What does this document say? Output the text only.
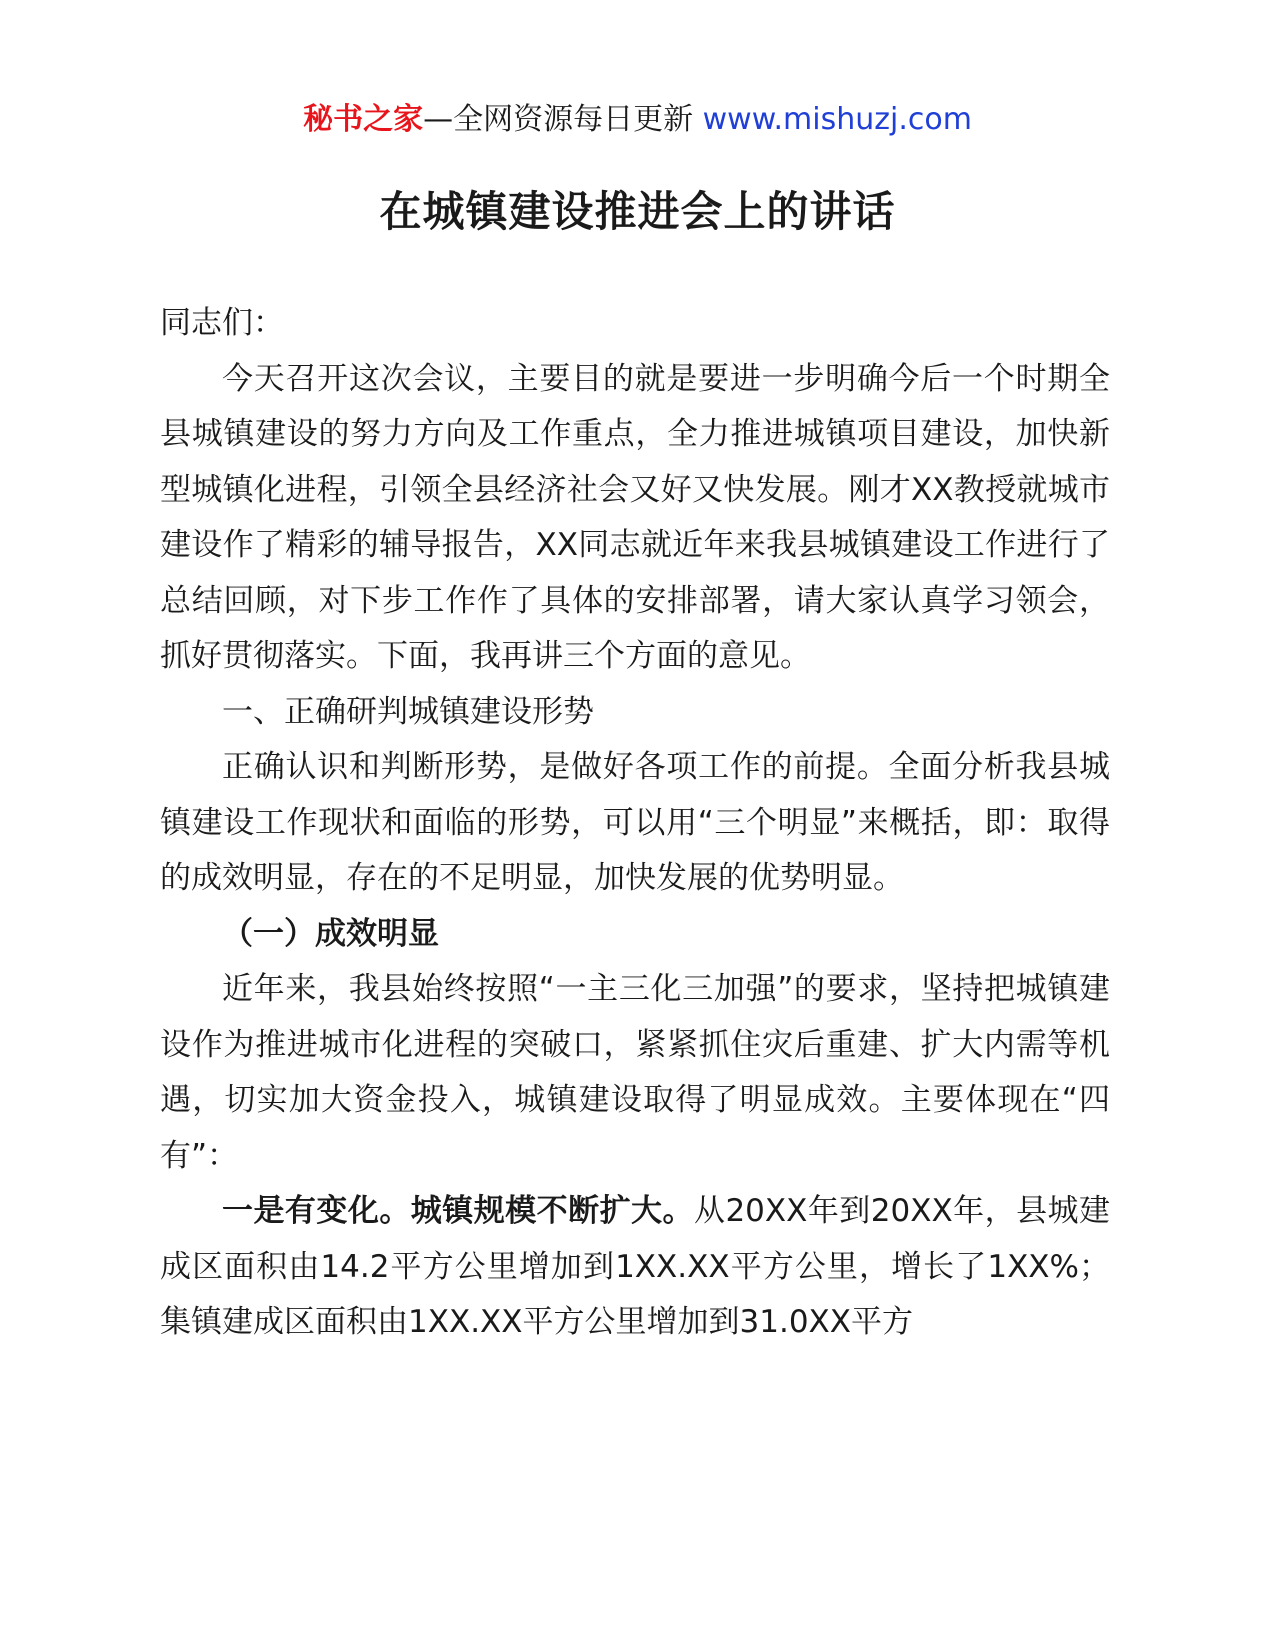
秘书之家—全网资源每日更新 www.mishuzj.com
在城镇建设推进会上的讲话

同志们：

今天召开这次会议，主要目的就是要进一步明确今后一个时期全县城镇建设的努力方向及工作重点，全力推进城镇项目建设，加快新型城镇化进程，引领全县经济社会又好又快发展。刚才XX教授就城市建设作了精彩的辅导报告，XX同志就近年来我县城镇建设工作进行了总结回顾，对下步工作作了具体的安排部署，请大家认真学习领会，抓好贯彻落实。下面，我再讲三个方面的意见。

一、正确研判城镇建设形势

正确认识和判断形势，是做好各项工作的前提。全面分析我县城镇建设工作现状和面临的形势，可以用“三个明显”来概括，即：取得的成效明显，存在的不足明显，加快发展的优势明显。

（一）成效明显

近年来，我县始终按照“一主三化三加强”的要求，坚持把城镇建设作为推进城市化进程的突破口，紧紧抓住灾后重建、扩大内需等机遇，切实加大资金投入，城镇建设取得了明显成效。主要体现在“四有”：

一是有变化。城镇规模不断扩大。从20XX年到20XX年，县城建成区面积由14.2平方公里增加到1XX.XX平方公里，增长了1XX%；集镇建成区面积由1XX.XX平方公里增加到31.0XX平方
